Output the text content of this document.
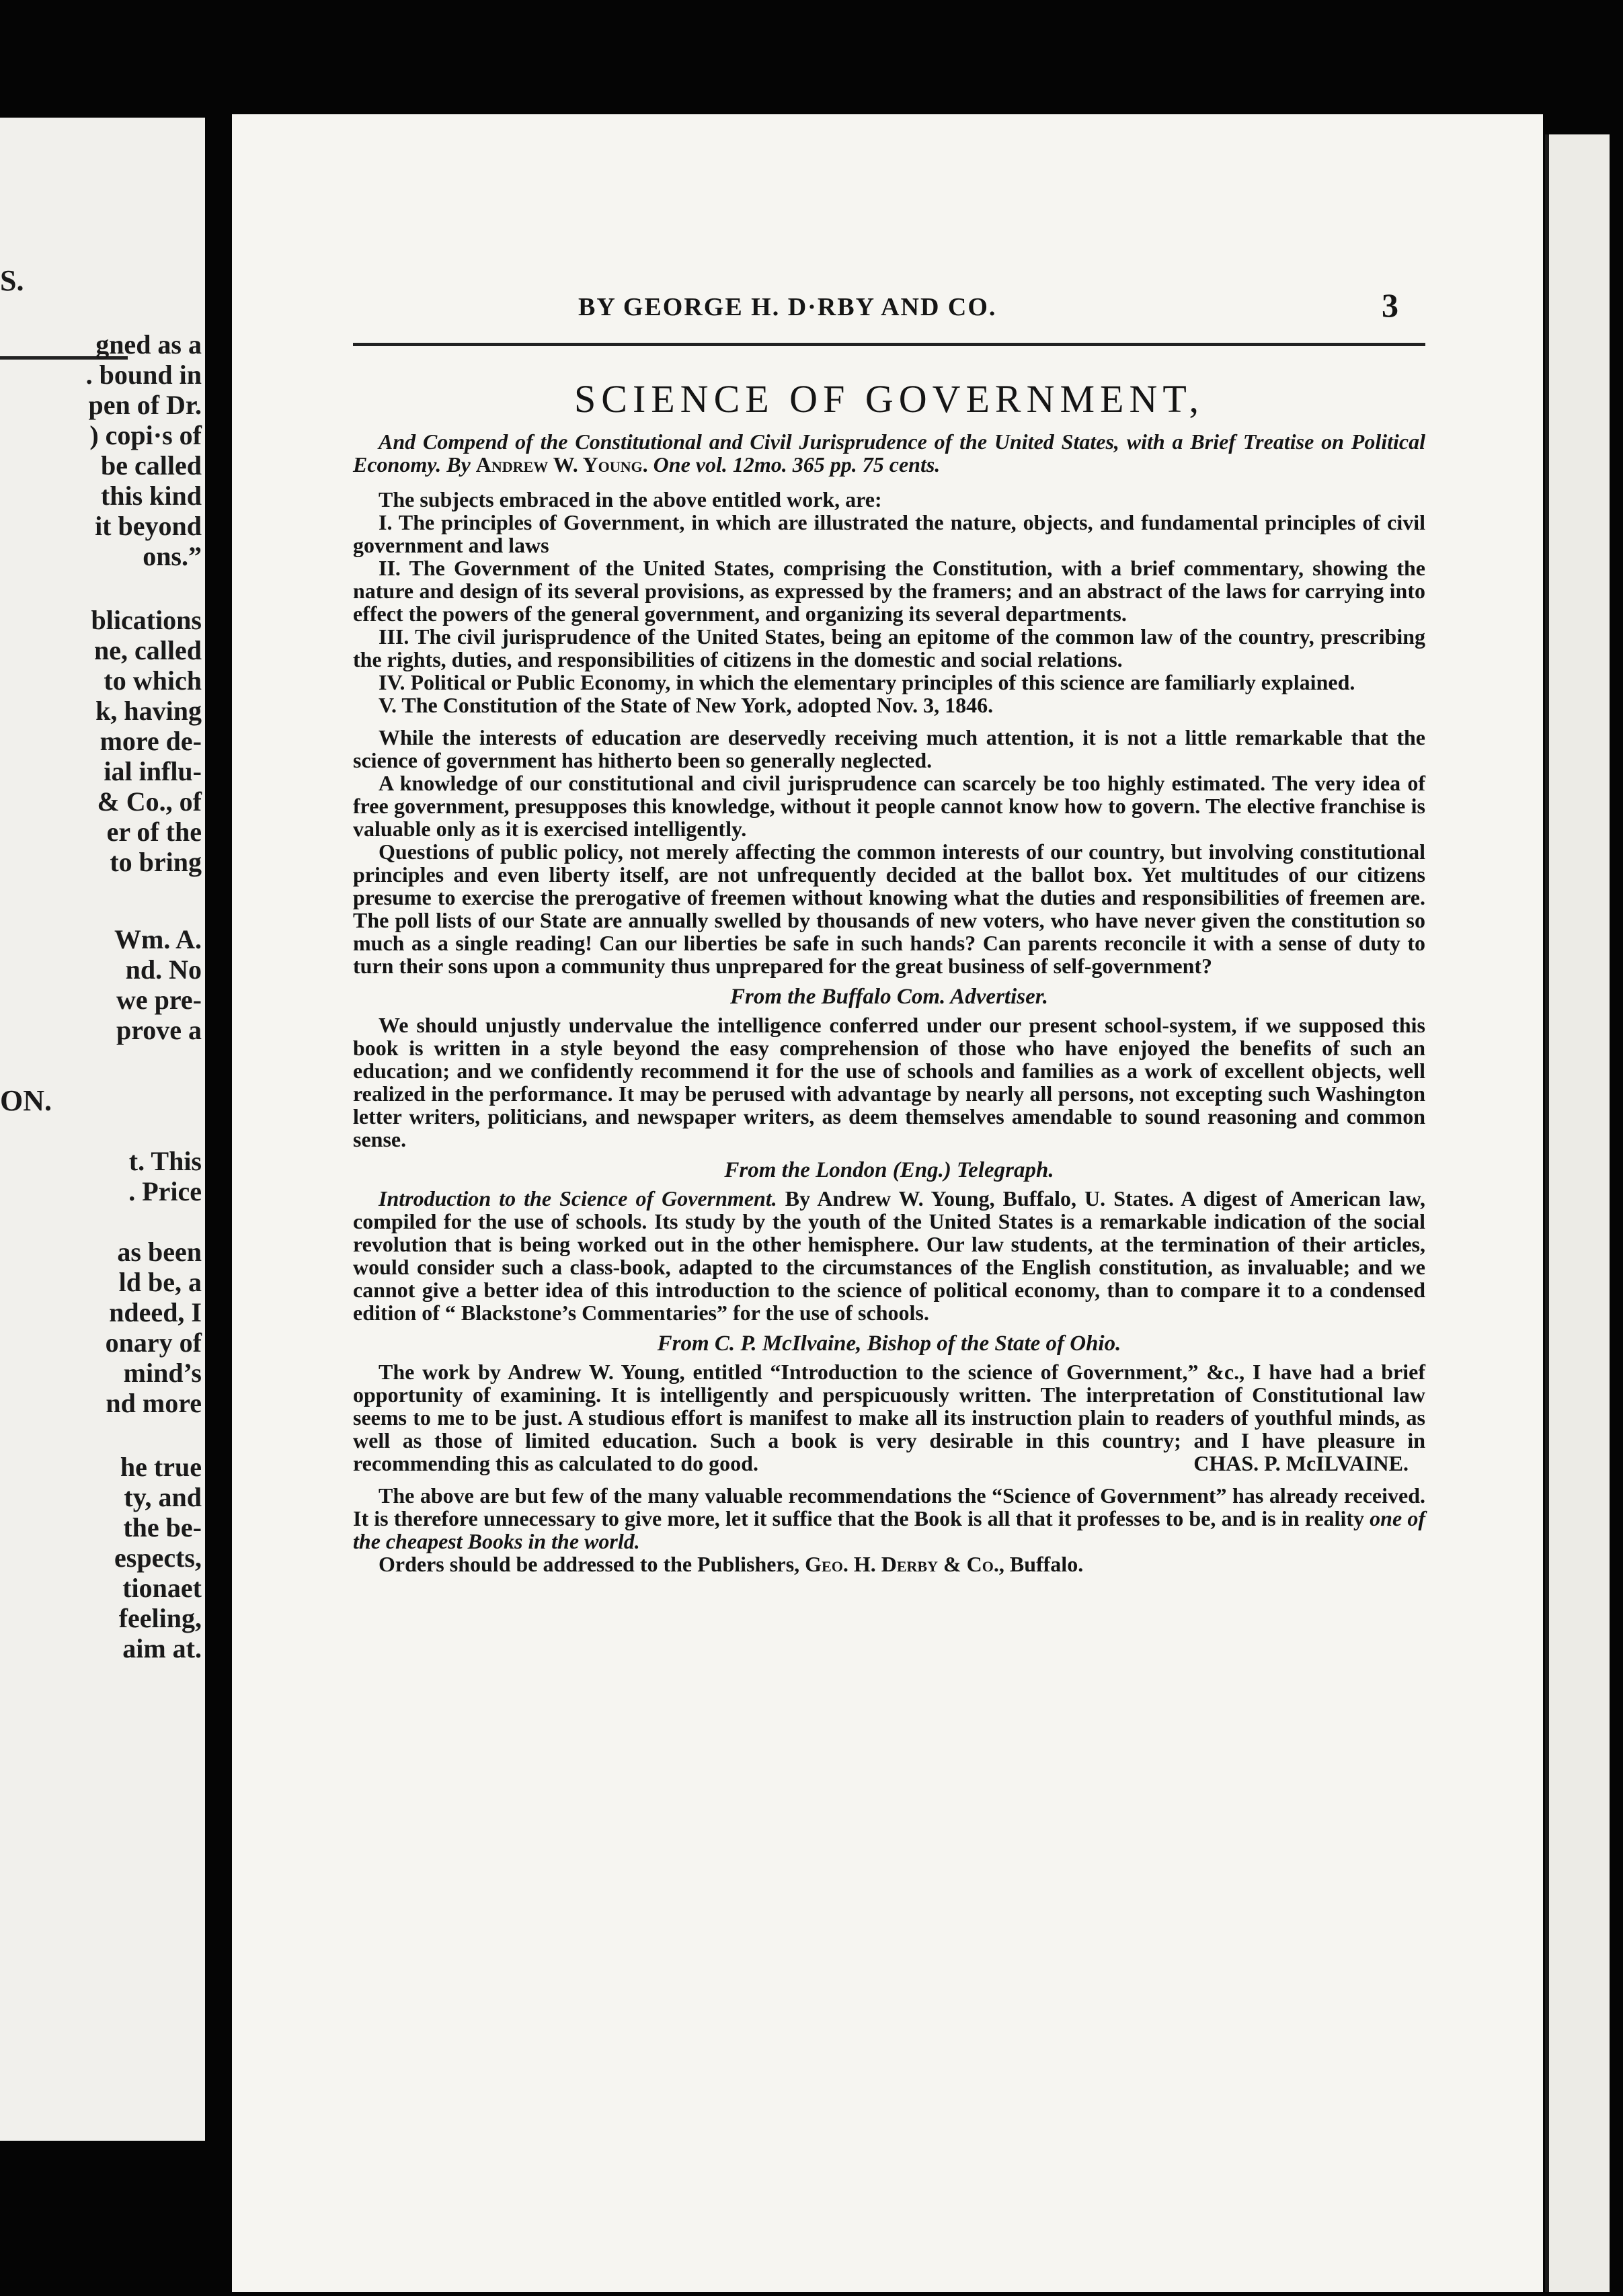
S.
gned as a
. bound in
pen of Dr.
) copi·s of
be called
this kind
it beyond
ons.”
blications
ne, called
to which
k, having
more de-
ial influ-
& Co., of
er of the
to bring
Wm. A.
nd. No
we pre-
prove a
ON.
t. This
. Price
as been
ld be, a
ndeed, I
onary of
mind’s
nd more
he true
ty, and
the be-
espects,
tionaet
feeling,
aim at.
BY GEORGE H. D·RBY AND CO.	3
SCIENCE OF GOVERNMENT,

And Compend of the Constitutional and Civil Jurisprudence of the United States, with a Brief Treatise on Political Economy. By Andrew W. Young. One vol. 12mo. 365 pp. 75 cents.

The subjects embraced in the above entitled work, are:

I. The principles of Government, in which are illustrated the nature, objects, and fundamental principles of civil government and laws

II. The Government of the United States, comprising the Constitution, with a brief commentary, showing the nature and design of its several provisions, as expressed by the framers; and an abstract of the laws for carrying into effect the powers of the general government, and organizing its several departments.

III. The civil jurisprudence of the United States, being an epitome of the common law of the country, prescribing the rights, duties, and responsibilities of citizens in the domestic and social relations.

IV. Political or Public Economy, in which the elementary principles of this science are familiarly explained.

V. The Constitution of the State of New York, adopted Nov. 3, 1846.

While the interests of education are deservedly receiving much attention, it is not a little remarkable that the science of government has hitherto been so generally neglected.

A knowledge of our constitutional and civil jurisprudence can scarcely be too highly estimated. The very idea of free government, presupposes this knowledge, without it people cannot know how to govern. The elective franchise is valuable only as it is exercised intelligently.

Questions of public policy, not merely affecting the common interests of our country, but involving constitutional principles and even liberty itself, are not unfrequently decided at the ballot box. Yet multitudes of our citizens presume to exercise the prerogative of freemen without knowing what the duties and responsibilities of freemen are. The poll lists of our State are annually swelled by thousands of new voters, who have never given the constitution so much as a single reading! Can our liberties be safe in such hands? Can parents reconcile it with a sense of duty to turn their sons upon a community thus unprepared for the great business of self-government?

From the Buffalo Com. Advertiser.

We should unjustly undervalue the intelligence conferred under our present school-system, if we supposed this book is written in a style beyond the easy comprehension of those who have enjoyed the benefits of such an education; and we confidently recommend it for the use of schools and families as a work of excellent objects, well realized in the performance. It may be perused with advantage by nearly all persons, not excepting such Washington letter writers, politicians, and newspaper writers, as deem themselves amendable to sound reasoning and common sense.

From the London (Eng.) Telegraph.

Introduction to the Science of Government. By Andrew W. Young, Buffalo, U. States. A digest of American law, compiled for the use of schools. Its study by the youth of the United States is a remarkable indication of the social revolution that is being worked out in the other hemisphere. Our law students, at the termination of their articles, would consider such a class-book, adapted to the circumstances of the English constitution, as invaluable; and we cannot give a better idea of this introduction to the science of political economy, than to compare it to a condensed edition of “ Blackstone’s Commentaries” for the use of schools.

From C. P. McIlvaine, Bishop of the State of Ohio.

The work by Andrew W. Young, entitled “Introduction to the science of Government,” &c., I have had a brief opportunity of examining. It is intelligently and perspicuously written. The interpretation of Constitutional law seems to me to be just. A studious effort is manifest to make all its instruction plain to readers of youthful minds, as well as those of limited education. Such a book is very desirable in this country; and I have pleasure in recommending this as calculated to do good.	CHAS. P. McILVAINE.

The above are but few of the many valuable recommendations the “Science of Government” has already received. It is therefore unnecessary to give more, let it suffice that the Book is all that it professes to be, and is in reality one of the cheapest Books in the world.

Orders should be addressed to the Publishers, Geo. H. Derby & Co., Buffalo.
